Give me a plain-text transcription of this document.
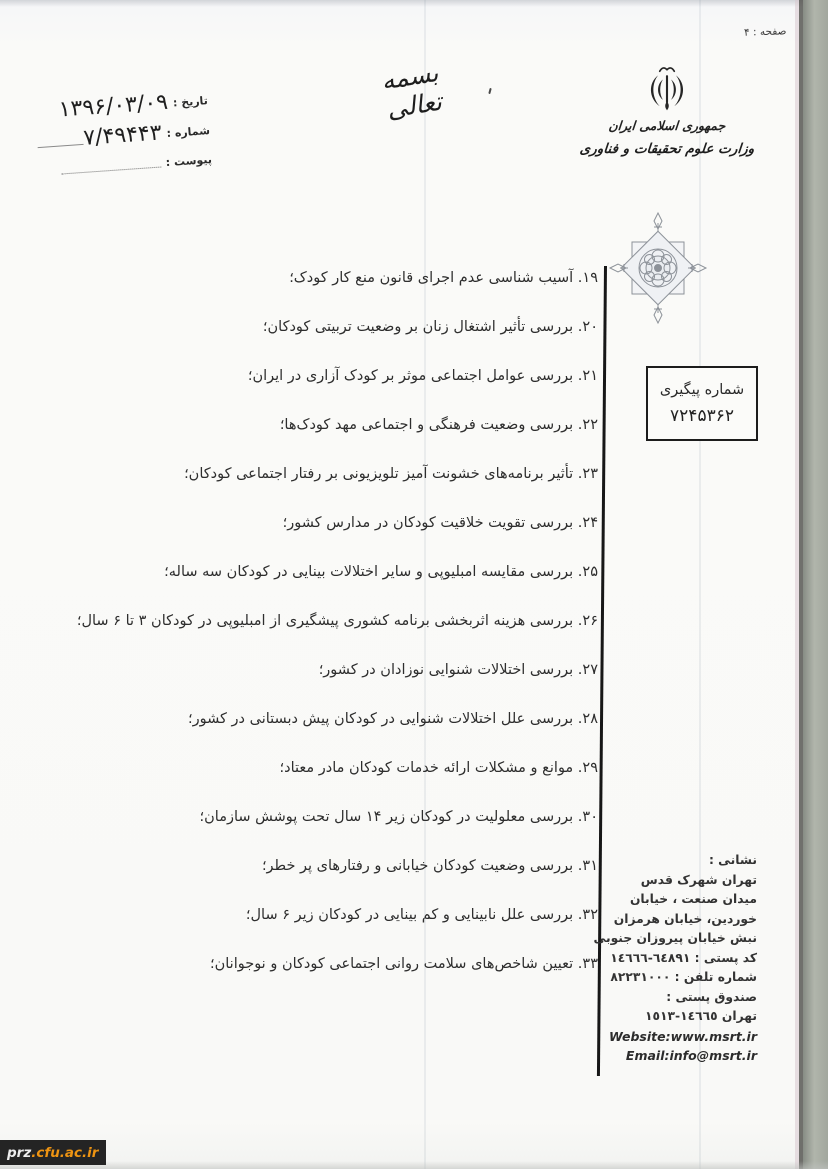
صفحه : ۴
بسمه تعالی
تاریخ :
۱۳۹۶/۰۳/۰۹
شماره :
۷/۴۹۴۴۳
پیوست :
جمهوری اسلامی ایران
وزارت علوم تحقیقات و فناوری
شماره پیگیری
۷۲۴۵۳۶۲
۱۹. آسیب شناسی عدم اجرای قانون منع کار کودک؛
۲۰. بررسی تأثیر اشتغال زنان بر وضعیت تربیتی کودکان؛
۲۱. بررسی عوامل اجتماعی موثر بر کودک آزاری در ایران؛
۲۲. بررسی وضعیت فرهنگی و اجتماعی مهد کودک‌ها؛
۲۳. تأثیر برنامه‌های خشونت آمیز تلویزیونی بر رفتار اجتماعی کودکان؛
۲۴. بررسی تقویت خلاقیت کودکان در مدارس کشور؛
۲۵. بررسی مقایسه امبلیوپی و سایر اختلالات بینایی در کودکان سه ساله؛
۲۶. بررسی هزینه اثربخشی برنامه کشوری پیشگیری از امبلیوپی در کودکان ۳ تا ۶ سال؛
۲۷. بررسی اختلالات شنوایی نوزادان در کشور؛
۲۸. بررسی علل اختلالات شنوایی در کودکان پیش دبستانی در کشور؛
۲۹. موانع و مشکلات ارائه خدمات کودکان مادر معتاد؛
۳۰. بررسی معلولیت در کودکان زیر ۱۴ سال تحت پوشش سازمان؛
۳۱. بررسی وضعیت کودکان خیابانی و رفتارهای پر خطر؛
۳۲. بررسی علل نابینایی و کم بینایی در کودکان زیر ۶ سال؛
۳۳. تعیین شاخص‌های سلامت روانی اجتماعی کودکان و نوجوانان؛
نشانی :
تهران شهرک قدس
میدان صنعت ، خیابان
خوردین، خیابان هرمزان
نبش خیابان پیروزان جنوبی
کد پستی : ٦٤٨٩١-١٤٦٦٦
شماره تلفن : ٨٢٢٣١٠٠٠
صندوق پستی :
تهران ١٤٦٦٥-١٥١٣
Website:www.msrt.ir
Email:info@msrt.ir
prz .cfu.ac.ir
